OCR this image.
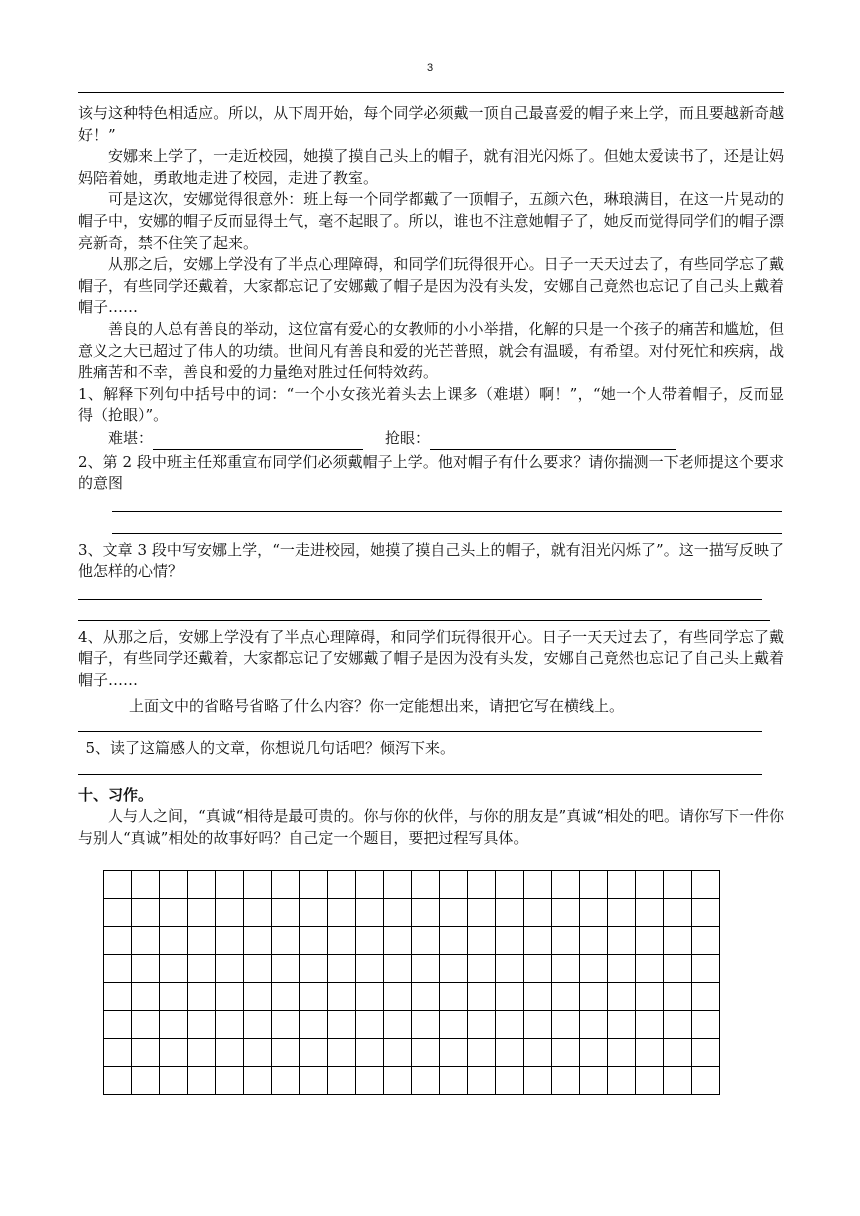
3

该与这种特色相适应。所以，从下周开始，每个同学必须戴一顶自己最喜爱的帽子来上学，而且要越新奇越好！”

安娜来上学了，一走近校园，她摸了摸自己头上的帽子，就有泪光闪烁了。但她太爱读书了，还是让妈妈陪着她，勇敢地走进了校园，走进了教室。

可是这次，安娜觉得很意外：班上每一个同学都戴了一顶帽子，五颜六色，琳琅满目，在这一片晃动的帽子中，安娜的帽子反而显得土气，毫不起眼了。所以，谁也不注意她帽子了，她反而觉得同学们的帽子漂亮新奇，禁不住笑了起来。

从那之后，安娜上学没有了半点心理障碍，和同学们玩得很开心。日子一天天过去了，有些同学忘了戴帽子，有些同学还戴着，大家都忘记了安娜戴了帽子是因为没有头发，安娜自己竟然也忘记了自己头上戴着帽子……

善良的人总有善良的举动，这位富有爱心的女教师的小小举措，化解的只是一个孩子的痛苦和尴尬，但意义之大已超过了伟人的功绩。世间凡有善良和爱的光芒普照，就会有温暖，有希望。对付死忙和疾病，战胜痛苦和不幸，善良和爱的力量绝对胜过任何特效药。

1、解释下列句中括号中的词：“一个小女孩光着头去上课多（难堪）啊！”，“她一个人带着帽子，反而显得（抢眼）”。

难堪：	抢眼：

2、第 2 段中班主任郑重宣布同学们必须戴帽子上学。他对帽子有什么要求？请你揣测一下老师提这个要求的意图

3、文章 3 段中写安娜上学，“一走进校园，她摸了摸自己头上的帽子，就有泪光闪烁了”。这一描写反映了他怎样的心情？

4、从那之后，安娜上学没有了半点心理障碍，和同学们玩得很开心。日子一天天过去了，有些同学忘了戴帽子，有些同学还戴着，大家都忘记了安娜戴了帽子是因为没有头发，安娜自己竟然也忘记了自己头上戴着帽子……

上面文中的省略号省略了什么内容？你一定能想出来，请把它写在横线上。

5、读了这篇感人的文章，你想说几句话吧？倾泻下来。

十、习作。

人与人之间，“真诚“相待是最可贵的。你与你的伙伴，与你的朋友是”真诚“相处的吧。请你写下一件你与别人“真诚”相处的故事好吗？自己定一个题目，要把过程写具体。
